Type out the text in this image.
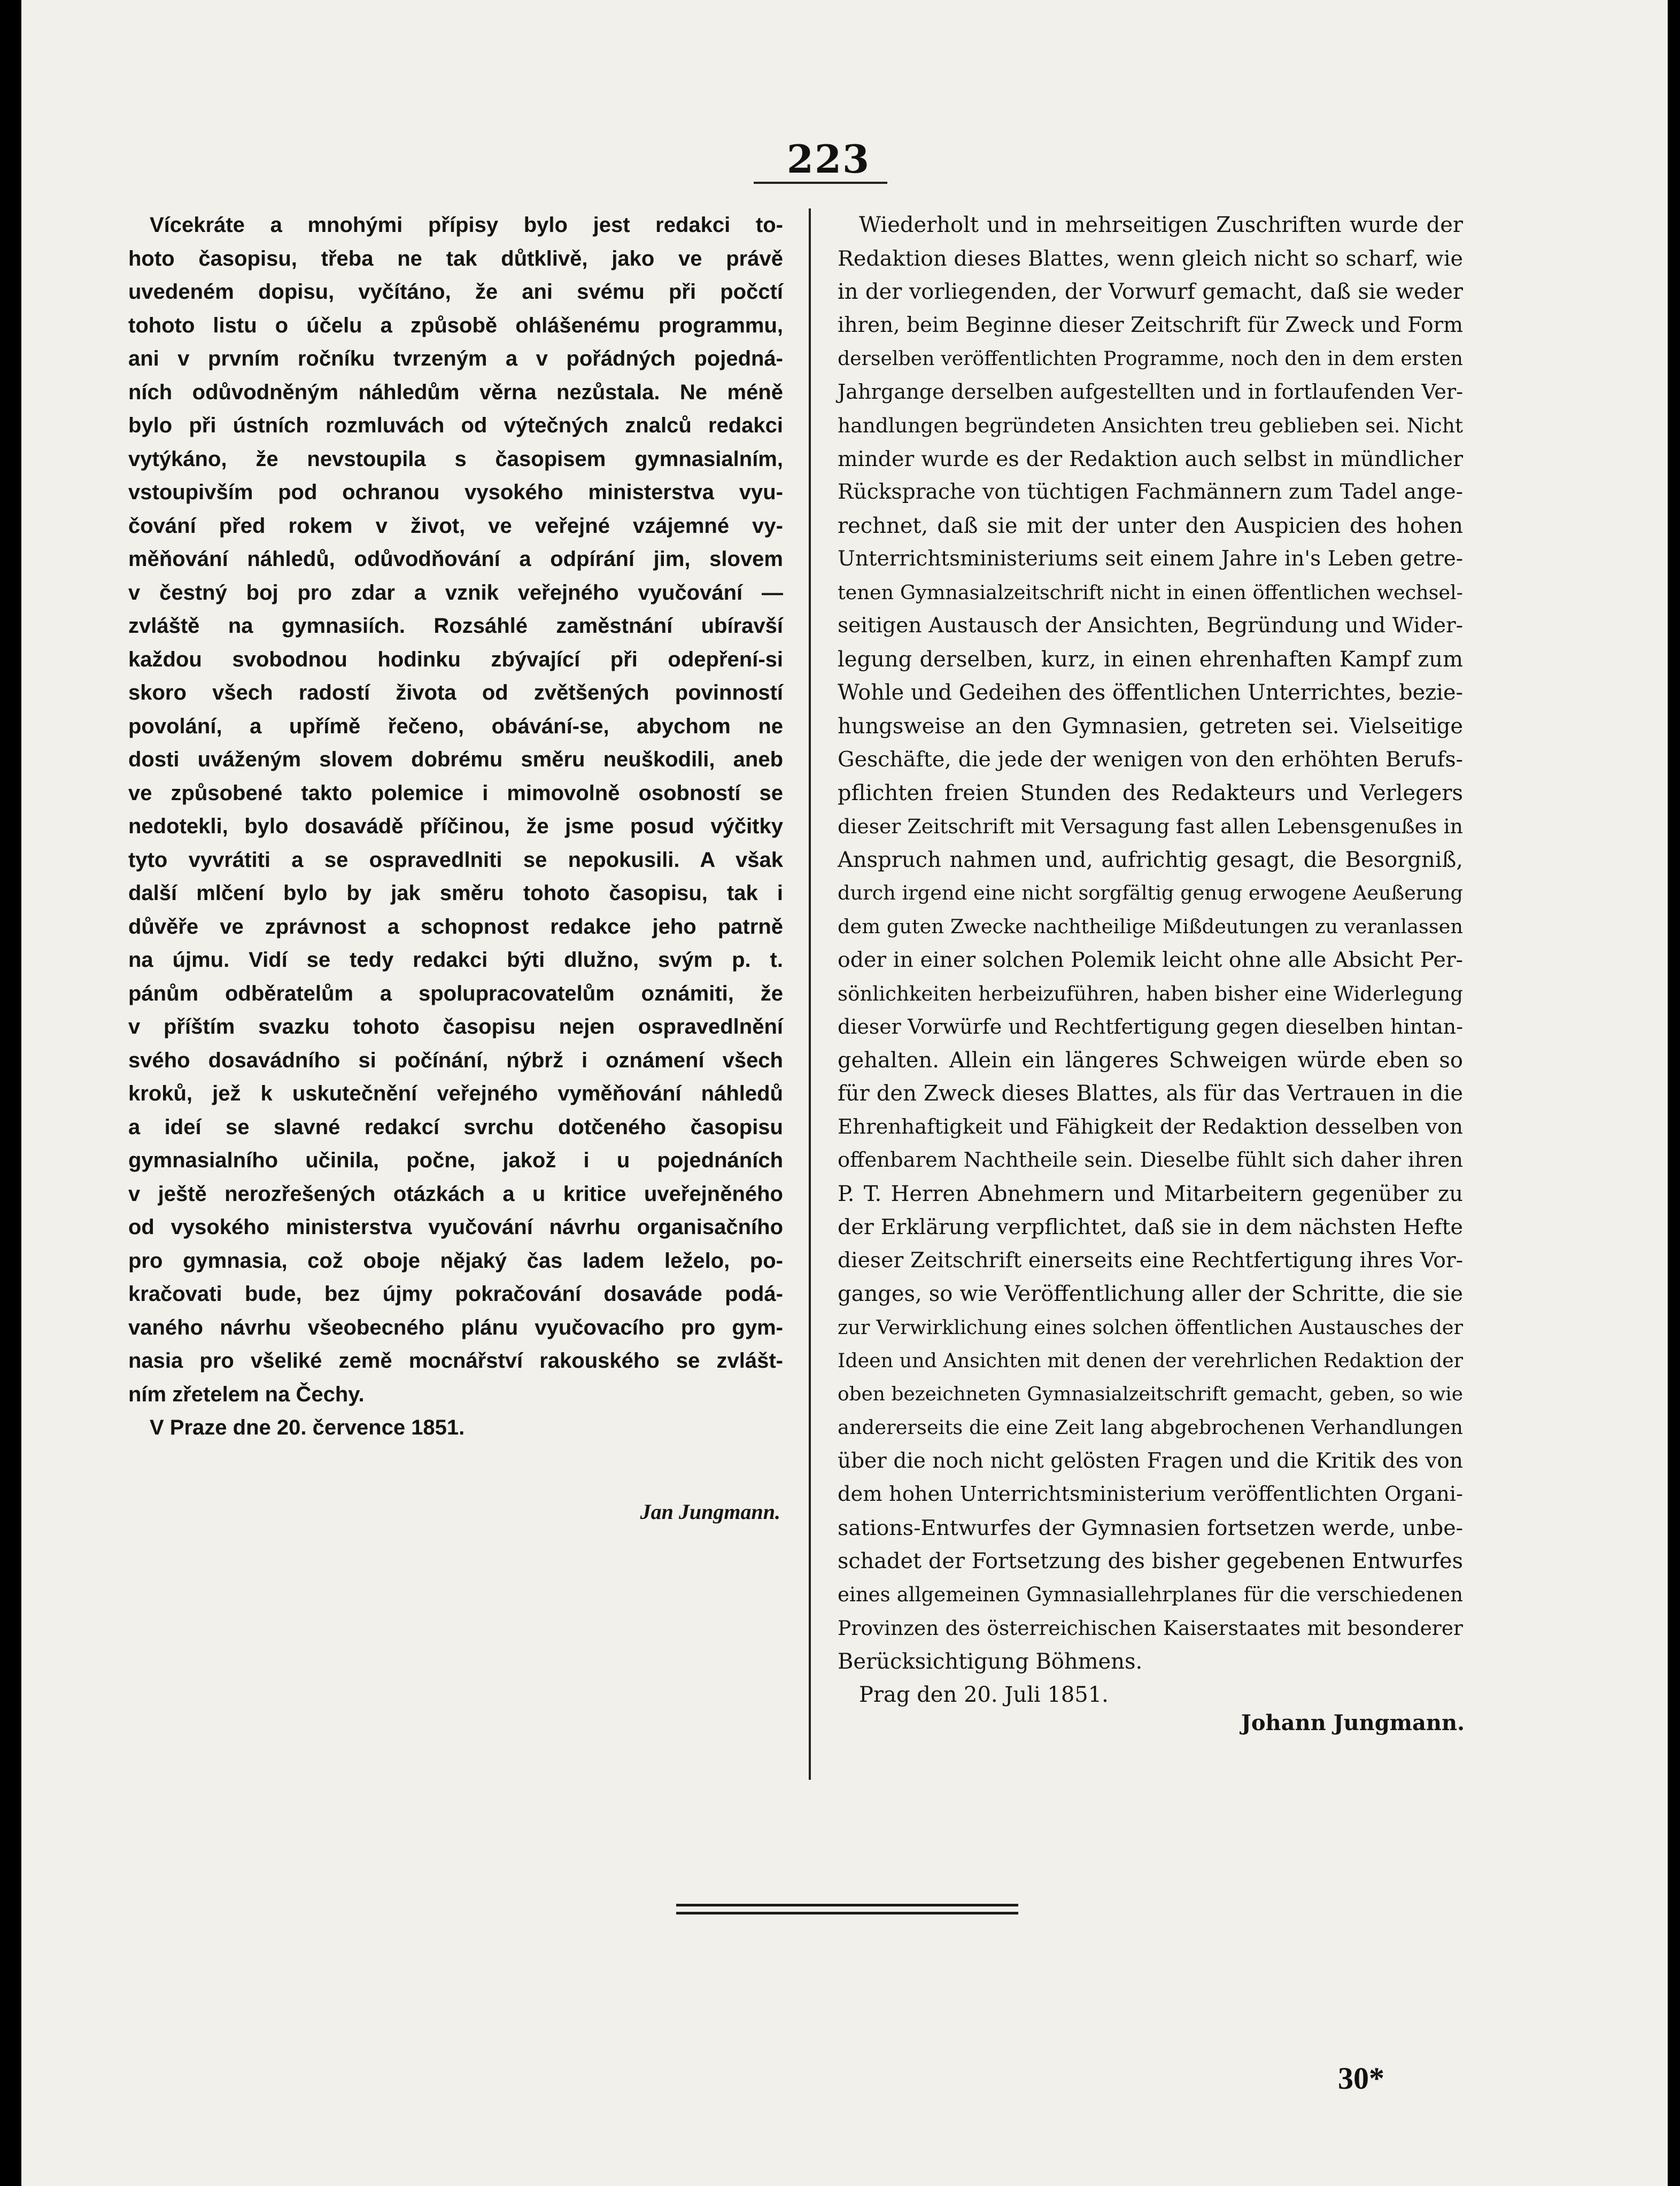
223
Vícekráte a mnohými přípisy bylo jest redakci to-
hoto časopisu, třeba ne tak důtklivě, jako ve právě
uvedeném dopisu, vyčítáno, že ani svému při počctí
tohoto listu o účelu a způsobě ohlášenému programmu,
ani v prvním ročníku tvrzeným a v pořádných pojedná-
ních odůvodněným náhledům věrna nezůstala. Ne méně
bylo při ústních rozmluvách od výtečných znalců redakci
vytýkáno, že nevstoupila s časopisem gymnasialním,
vstoupivším pod ochranou vysokého ministerstva vyu-
čování před rokem v život, ve veřejné vzájemné vy-
měňování náhledů, odůvodňování a odpírání jim, slovem
v čestný boj pro zdar a vznik veřejného vyučování —
zvláště na gymnasiích. Rozsáhlé zaměstnání ubíravší
každou svobodnou hodinku zbývající při odepření-si
skoro všech radostí života od zvětšených povinností
povolání, a upřímě řečeno, obávání-se, abychom ne
dosti uváženým slovem dobrému směru neuškodili, aneb
ve způsobené takto polemice i mimovolně osobností se
nedotekli, bylo dosavádě příčinou, že jsme posud výčitky
tyto vyvrátiti a se ospravedlniti se nepokusili. A však
další mlčení bylo by jak směru tohoto časopisu, tak i
důvěře ve zprávnost a schopnost redakce jeho patrně
na újmu. Vidí se tedy redakci býti dlužno, svým p. t.
pánům odběratelům a spolupracovatelům oznámiti, že
v příštím svazku tohoto časopisu nejen ospravedlnění
svého dosavádního si počínání, nýbrž i oznámení všech
kroků, jež k uskutečnění veřejného vyměňování náhledů
a ideí se slavné redakcí svrchu dotčeného časopisu
gymnasialního učinila, počne, jakož i u pojednáních
v ještě nerozřešených otázkách a u kritice uveřejněného
od vysokého ministerstva vyučování návrhu organisačního
pro gymnasia, což oboje nějaký čas ladem leželo, po-
kračovati bude, bez újmy pokračování dosaváde podá-
vaného návrhu všeobecného plánu vyučovacího pro gym-
nasia pro všeliké země mocnářství rakouského se zvlášt-
ním zřetelem na Čechy.
V Praze dne 20. července 1851.
Wiederholt und in mehrseitigen Zuschriften wurde der
Redaktion dieses Blattes, wenn gleich nicht so scharf, wie
in der vorliegenden, der Vorwurf gemacht, daß sie weder
ihren, beim Beginne dieser Zeitschrift für Zweck und Form
derselben veröffentlichten Programme, noch den in dem ersten
Jahrgange derselben aufgestellten und in fortlaufenden Ver-
handlungen begründeten Ansichten treu geblieben sei. Nicht
minder wurde es der Redaktion auch selbst in mündlicher
Rücksprache von tüchtigen Fachmännern zum Tadel ange-
rechnet, daß sie mit der unter den Auspicien des hohen
Unterrichtsministeriums seit einem Jahre in's Leben getre-
tenen Gymnasialzeitschrift nicht in einen öffentlichen wechsel-
seitigen Austausch der Ansichten, Begründung und Wider-
legung derselben, kurz, in einen ehrenhaften Kampf zum
Wohle und Gedeihen des öffentlichen Unterrichtes, bezie-
hungsweise an den Gymnasien, getreten sei. Vielseitige
Geschäfte, die jede der wenigen von den erhöhten Berufs-
pflichten freien Stunden des Redakteurs und Verlegers
dieser Zeitschrift mit Versagung fast allen Lebensgenußes in
Anspruch nahmen und, aufrichtig gesagt, die Besorgniß,
durch irgend eine nicht sorgfältig genug erwogene Aeußerung
dem guten Zwecke nachtheilige Mißdeutungen zu veranlassen
oder in einer solchen Polemik leicht ohne alle Absicht Per-
sönlichkeiten herbeizuführen, haben bisher eine Widerlegung
dieser Vorwürfe und Rechtfertigung gegen dieselben hintan-
gehalten. Allein ein längeres Schweigen würde eben so
für den Zweck dieses Blattes, als für das Vertrauen in die
Ehrenhaftigkeit und Fähigkeit der Redaktion desselben von
offenbarem Nachtheile sein. Dieselbe fühlt sich daher ihren
P. T. Herren Abnehmern und Mitarbeitern gegenüber zu
der Erklärung verpflichtet, daß sie in dem nächsten Hefte
dieser Zeitschrift einerseits eine Rechtfertigung ihres Vor-
ganges, so wie Veröffentlichung aller der Schritte, die sie
zur Verwirklichung eines solchen öffentlichen Austausches der
Ideen und Ansichten mit denen der verehrlichen Redaktion der
oben bezeichneten Gymnasialzeitschrift gemacht, geben, so wie
andererseits die eine Zeit lang abgebrochenen Verhandlungen
über die noch nicht gelösten Fragen und die Kritik des von
dem hohen Unterrichtsministerium veröffentlichten Organi-
sations-Entwurfes der Gymnasien fortsetzen werde, unbe-
schadet der Fortsetzung des bisher gegebenen Entwurfes
eines allgemeinen Gymnasiallehrplanes für die verschiedenen
Provinzen des österreichischen Kaiserstaates mit besonderer
Berücksichtigung Böhmens.
Prag den 20. Juli 1851.
Jan Jungmann.
Johann Jungmann.
30*
